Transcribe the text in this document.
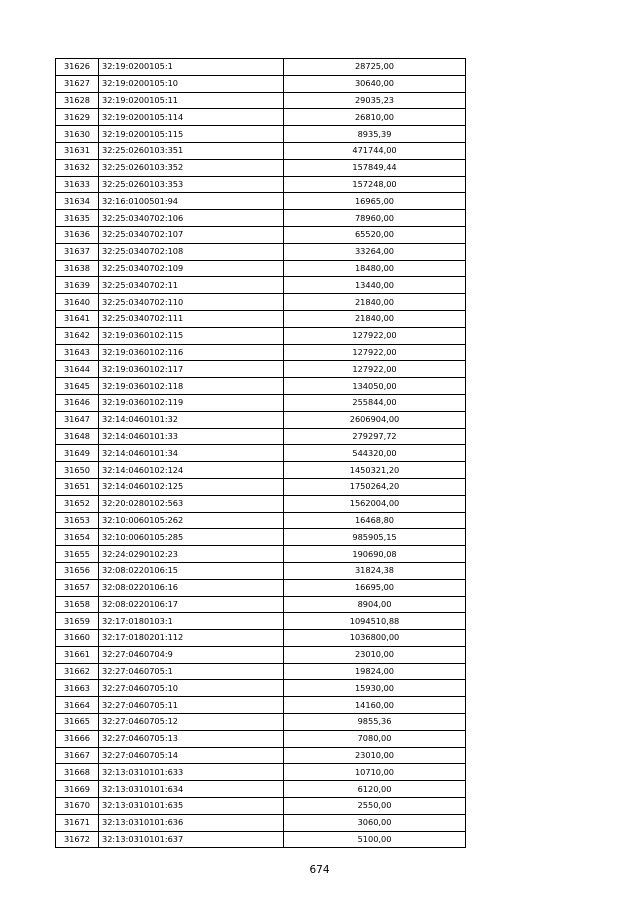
31626	32:19:0200105:1	28725,00
31627	32:19:0200105:10	30640,00
31628	32:19:0200105:11	29035,23
31629	32:19:0200105:114	26810,00
31630	32:19:0200105:115	8935,39
31631	32:25:0260103:351	471744,00
31632	32:25:0260103:352	157849,44
31633	32:25:0260103:353	157248,00
31634	32:16:0100501:94	16965,00
31635	32:25:0340702:106	78960,00
31636	32:25:0340702:107	65520,00
31637	32:25:0340702:108	33264,00
31638	32:25:0340702:109	18480,00
31639	32:25:0340702:11	13440,00
31640	32:25:0340702:110	21840,00
31641	32:25:0340702:111	21840,00
31642	32:19:0360102:115	127922,00
31643	32:19:0360102:116	127922,00
31644	32:19:0360102:117	127922,00
31645	32:19:0360102:118	134050,00
31646	32:19:0360102:119	255844,00
31647	32:14:0460101:32	2606904,00
31648	32:14:0460101:33	279297,72
31649	32:14:0460101:34	544320,00
31650	32:14:0460102:124	1450321,20
31651	32:14:0460102:125	1750264,20
31652	32:20:0280102:563	1562004,00
31653	32:10:0060105:262	16468,80
31654	32:10:0060105:285	985905,15
31655	32:24:0290102:23	190690,08
31656	32:08:0220106:15	31824,38
31657	32:08:0220106:16	16695,00
31658	32:08:0220106:17	8904,00
31659	32:17:0180103:1	1094510,88
31660	32:17:0180201:112	1036800,00
31661	32:27:0460704:9	23010,00
31662	32:27:0460705:1	19824,00
31663	32:27:0460705:10	15930,00
31664	32:27:0460705:11	14160,00
31665	32:27:0460705:12	9855,36
31666	32:27:0460705:13	7080,00
31667	32:27:0460705:14	23010,00
31668	32:13:0310101:633	10710,00
31669	32:13:0310101:634	6120,00
31670	32:13:0310101:635	2550,00
31671	32:13:0310101:636	3060,00
31672	32:13:0310101:637	5100,00
674
